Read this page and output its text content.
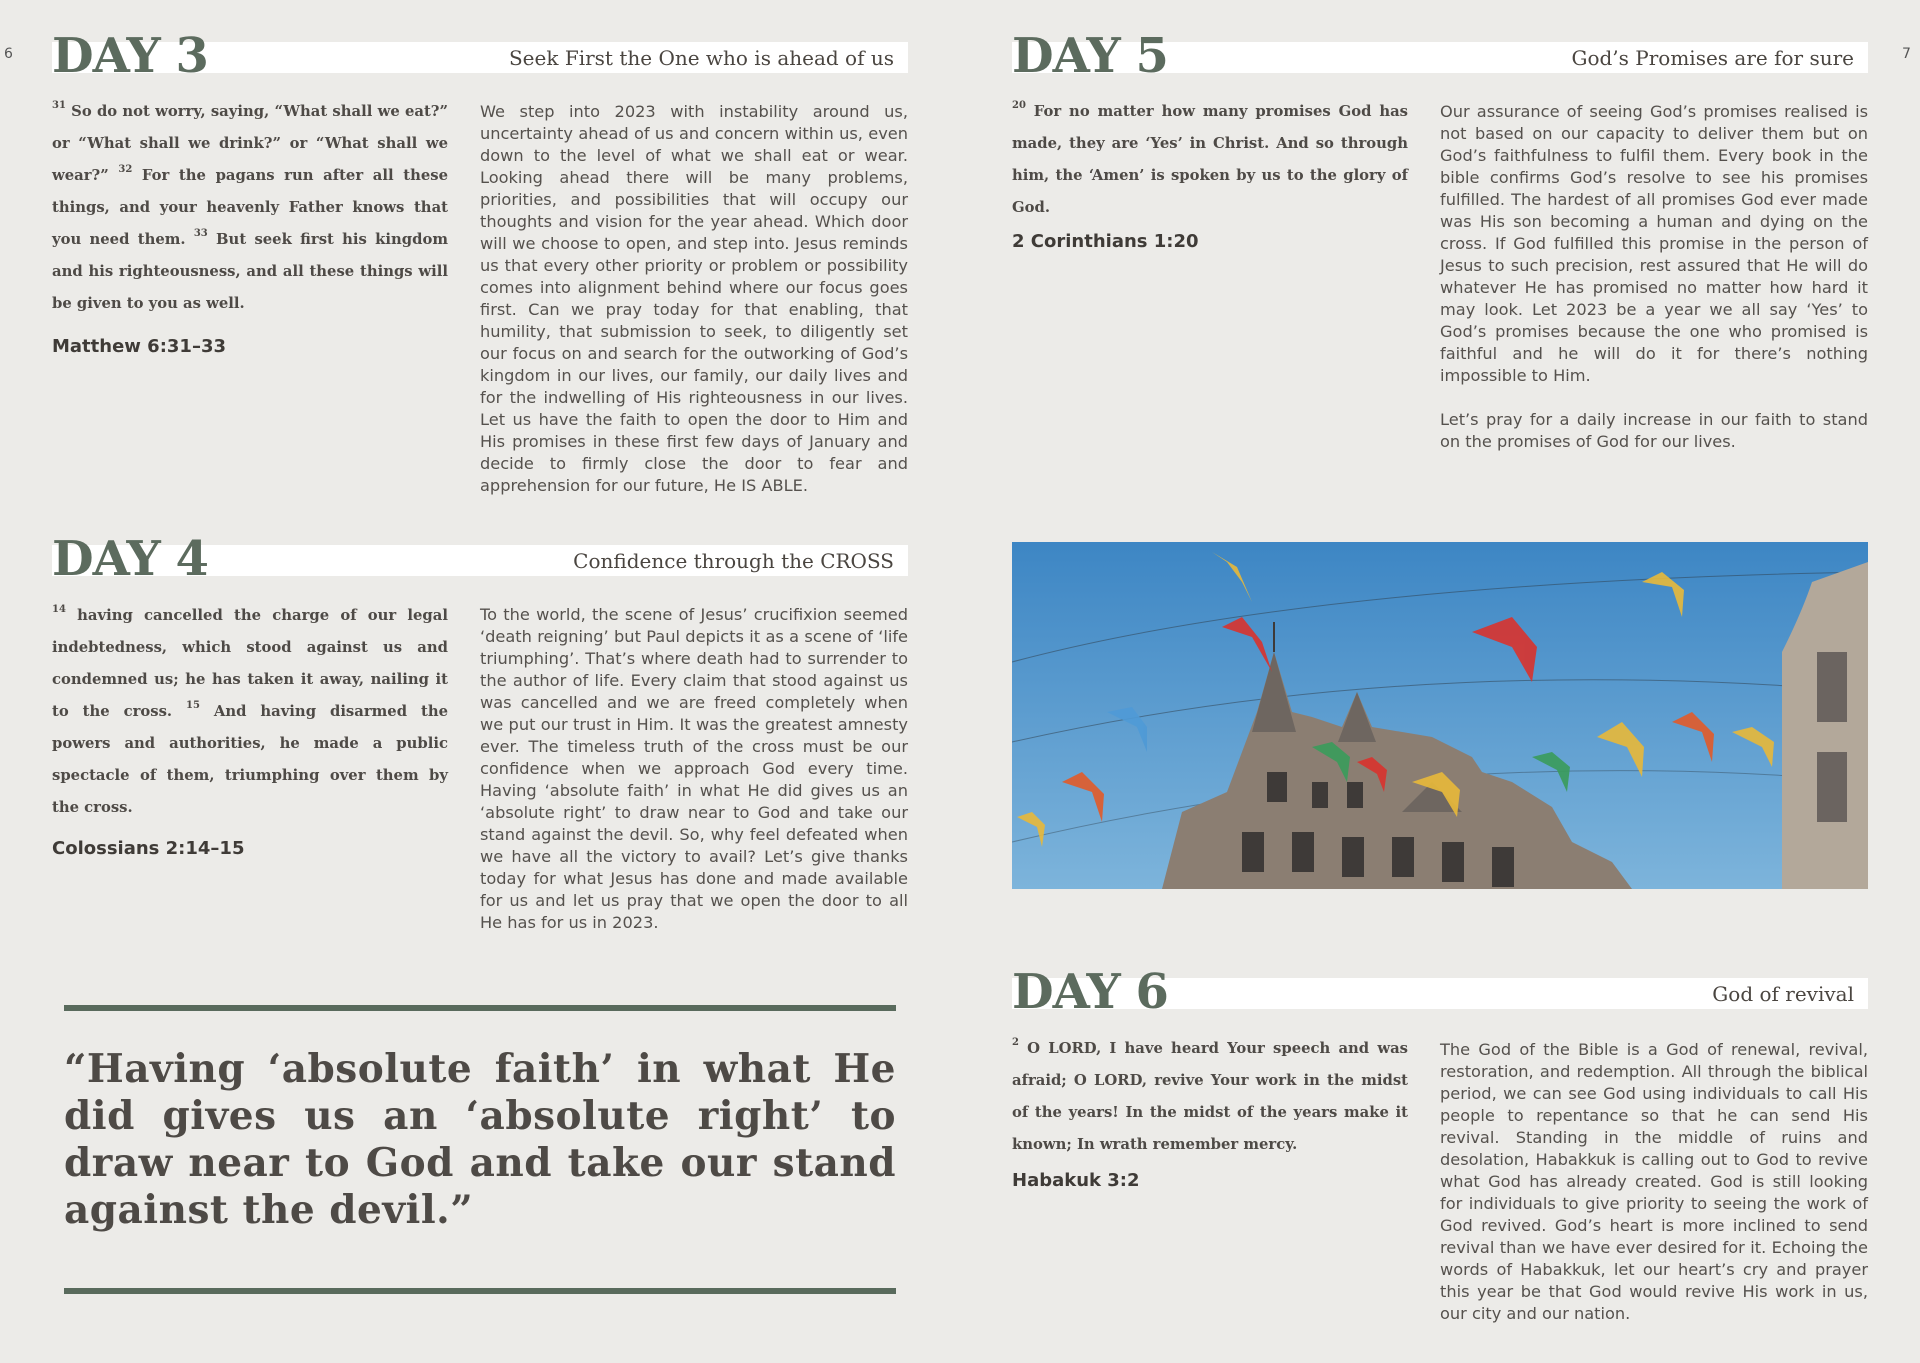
6	7
DAY 3	Seek First the One who is ahead of us
$^{31}$ So do not worry, saying, “What shall we eat?” or “What shall we drink?” or “What shall we wear?” $^{32}$ For the pagans run after all these things, and your heavenly Father knows that you need them. $^{33}$ But seek first his kingdom and his righteousness, and all these things will be given to you as well.
Matthew 6:31–33

We step into 2023 with instability around us, uncertainty ahead of us and concern within us, even down to the level of what we shall eat or wear. Looking ahead there will be many problems, priorities, and possibilities that will occupy our thoughts and vision for the year ahead. Which door will we choose to open, and step into. Jesus reminds us that every other priority or problem or possibility comes into alignment behind where our focus goes first. Can we pray today for that enabling, that humility, that submission to seek, to diligently set our focus on and search for the outworking of God’s kingdom in our lives, our family, our daily lives and for the indwelling of His righteousness in our lives. Let us have the faith to open the door to Him and His promises in these first few days of January and decide to firmly close the door to fear and apprehension for our future, He IS ABLE.

DAY 4	Confidence through the CROSS
$^{14}$ having cancelled the charge of our legal indebtedness, which stood against us and condemned us; he has taken it away, nailing it to the cross. $^{15}$ And having disarmed the powers and authorities, he made a public spectacle of them, triumphing over them by the cross.
Colossians 2:14–15

To the world, the scene of Jesus’ crucifixion seemed ‘death reigning’ but Paul depicts it as a scene of ‘life triumphing’. That’s where death had to surrender to the author of life. Every claim that stood against us was cancelled and we are freed completely when we put our trust in Him. It was the greatest amnesty ever. The timeless truth of the cross must be our confidence when we approach God every time. Having ‘absolute faith’ in what He did gives us an ‘absolute right’ to draw near to God and take our stand against the devil. So, why feel defeated when we have all the victory to avail? Let’s give thanks today for what Jesus has done and made available for us and let us pray that we open the door to all He has for us in 2023.

“Having ‘absolute faith’ in what He did gives us an ‘absolute right’ to draw near to God and take our stand against the devil.”
DAY 5	God’s Promises are for sure
$^{20}$ For no matter how many promises God has made, they are ‘Yes’ in Christ. And so through him, the ‘Amen’ is spoken by us to the glory of God.
2 Corinthians 1:20

Our assurance of seeing God’s promises realised is not based on our capacity to deliver them but on God’s faithfulness to fulfil them. Every book in the bible confirms God’s resolve to see his promises fulfilled. The hardest of all promises God ever made was His son becoming a human and dying on the cross. If God fulfilled this promise in the person of Jesus to such precision, rest assured that He will do whatever He has promised no matter how hard it may look. Let 2023 be a year we all say ‘Yes’ to God’s promises because the one who promised is faithful and he will do it for there’s nothing impossible to Him.

Let’s pray for a daily increase in our faith to stand on the promises of God for our lives.

DAY 6	God of revival
$^2$ O LORD, I have heard Your speech and was afraid; O LORD, revive Your work in the midst of the years! In the midst of the years make it known; In wrath remember mercy.
Habakuk 3:2

The God of the Bible is a God of renewal, revival, restoration, and redemption. All through the biblical period, we can see God using individuals to call His people to repentance so that he can send His revival. Standing in the middle of ruins and desolation, Habakkuk is calling out to God to revive what God has already created. God is still looking for individuals to give priority to seeing the work of God revived. God’s heart is more inclined to send revival than we have ever desired for it. Echoing the words of Habakkuk, let our heart’s cry and prayer this year be that God would revive His work in us, our city and our nation.
